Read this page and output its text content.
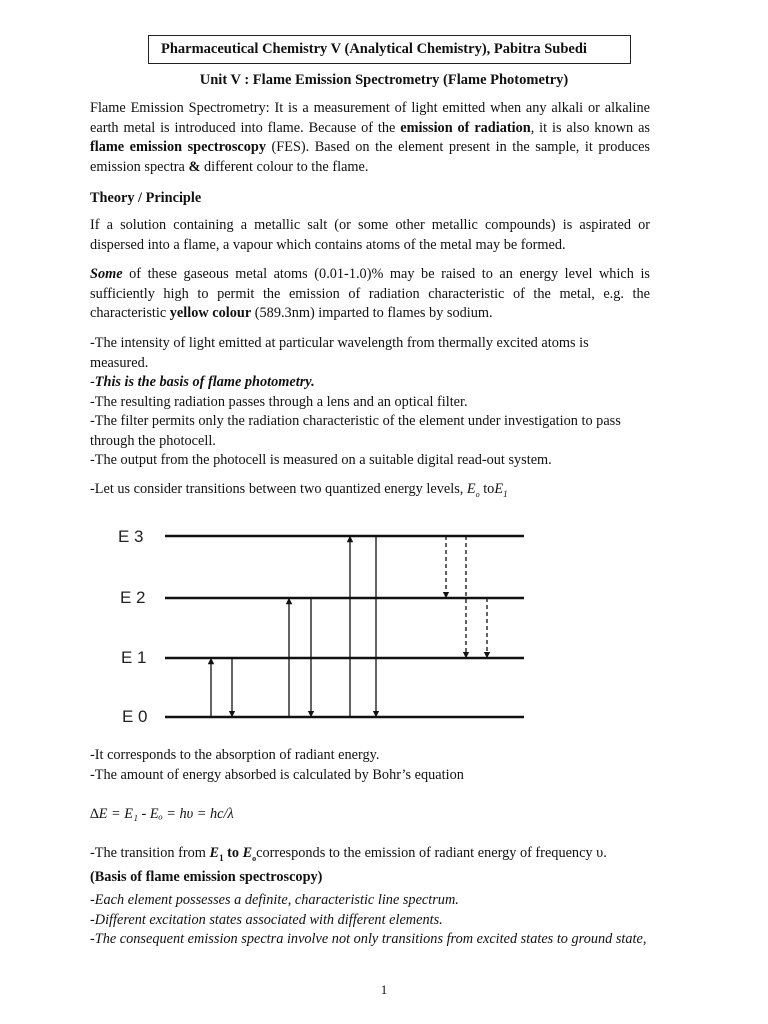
Pharmaceutical Chemistry V (Analytical Chemistry), Pabitra Subedi
Unit V : Flame Emission Spectrometry (Flame Photometry)
Flame Emission Spectrometry: It is a measurement of light emitted when any alkali or alkaline earth metal is introduced into flame. Because of the emission of radiation, it is also known as flame emission spectroscopy (FES). Based on the element present in the sample, it produces emission spectra & different colour to the flame.
Theory / Principle
If a solution containing a metallic salt (or some other metallic compounds) is aspirated or dispersed into a flame, a vapour which contains atoms of the metal may be formed.
Some of these gaseous metal atoms (0.01-1.0)% may be raised to an energy level which is sufficiently high to permit the emission of radiation characteristic of the metal, e.g. the characteristic yellow colour (589.3nm) imparted to flames by sodium.
-The intensity of light emitted at particular wavelength from thermally excited atoms is measured.
-This is the basis of flame photometry.
-The resulting radiation passes through a lens and an optical filter.
-The filter permits only the radiation characteristic of the element under investigation to pass through the photocell.
-The output from the photocell is measured on a suitable digital read-out system.
-Let us consider transitions between two quantized energy levels, $E_o$ toE$_1$
E 3
E 2
E 1
E 0
-It corresponds to the absorption of radiant energy.
-The amount of energy absorbed is calculated by Bohr’s equation
∆E = E₁ - Eₒ = hυ = hc/λ
-The transition from $E_1$ to $E_ocorresponds$ to the emission of radiant energy of frequency υ.
(Basis of flame emission spectroscopy)
-Each element possesses a definite, characteristic line spectrum.
-Different excitation states associated with different elements.
-The consequent emission spectra involve not only transitions from excited states to ground state,
1
